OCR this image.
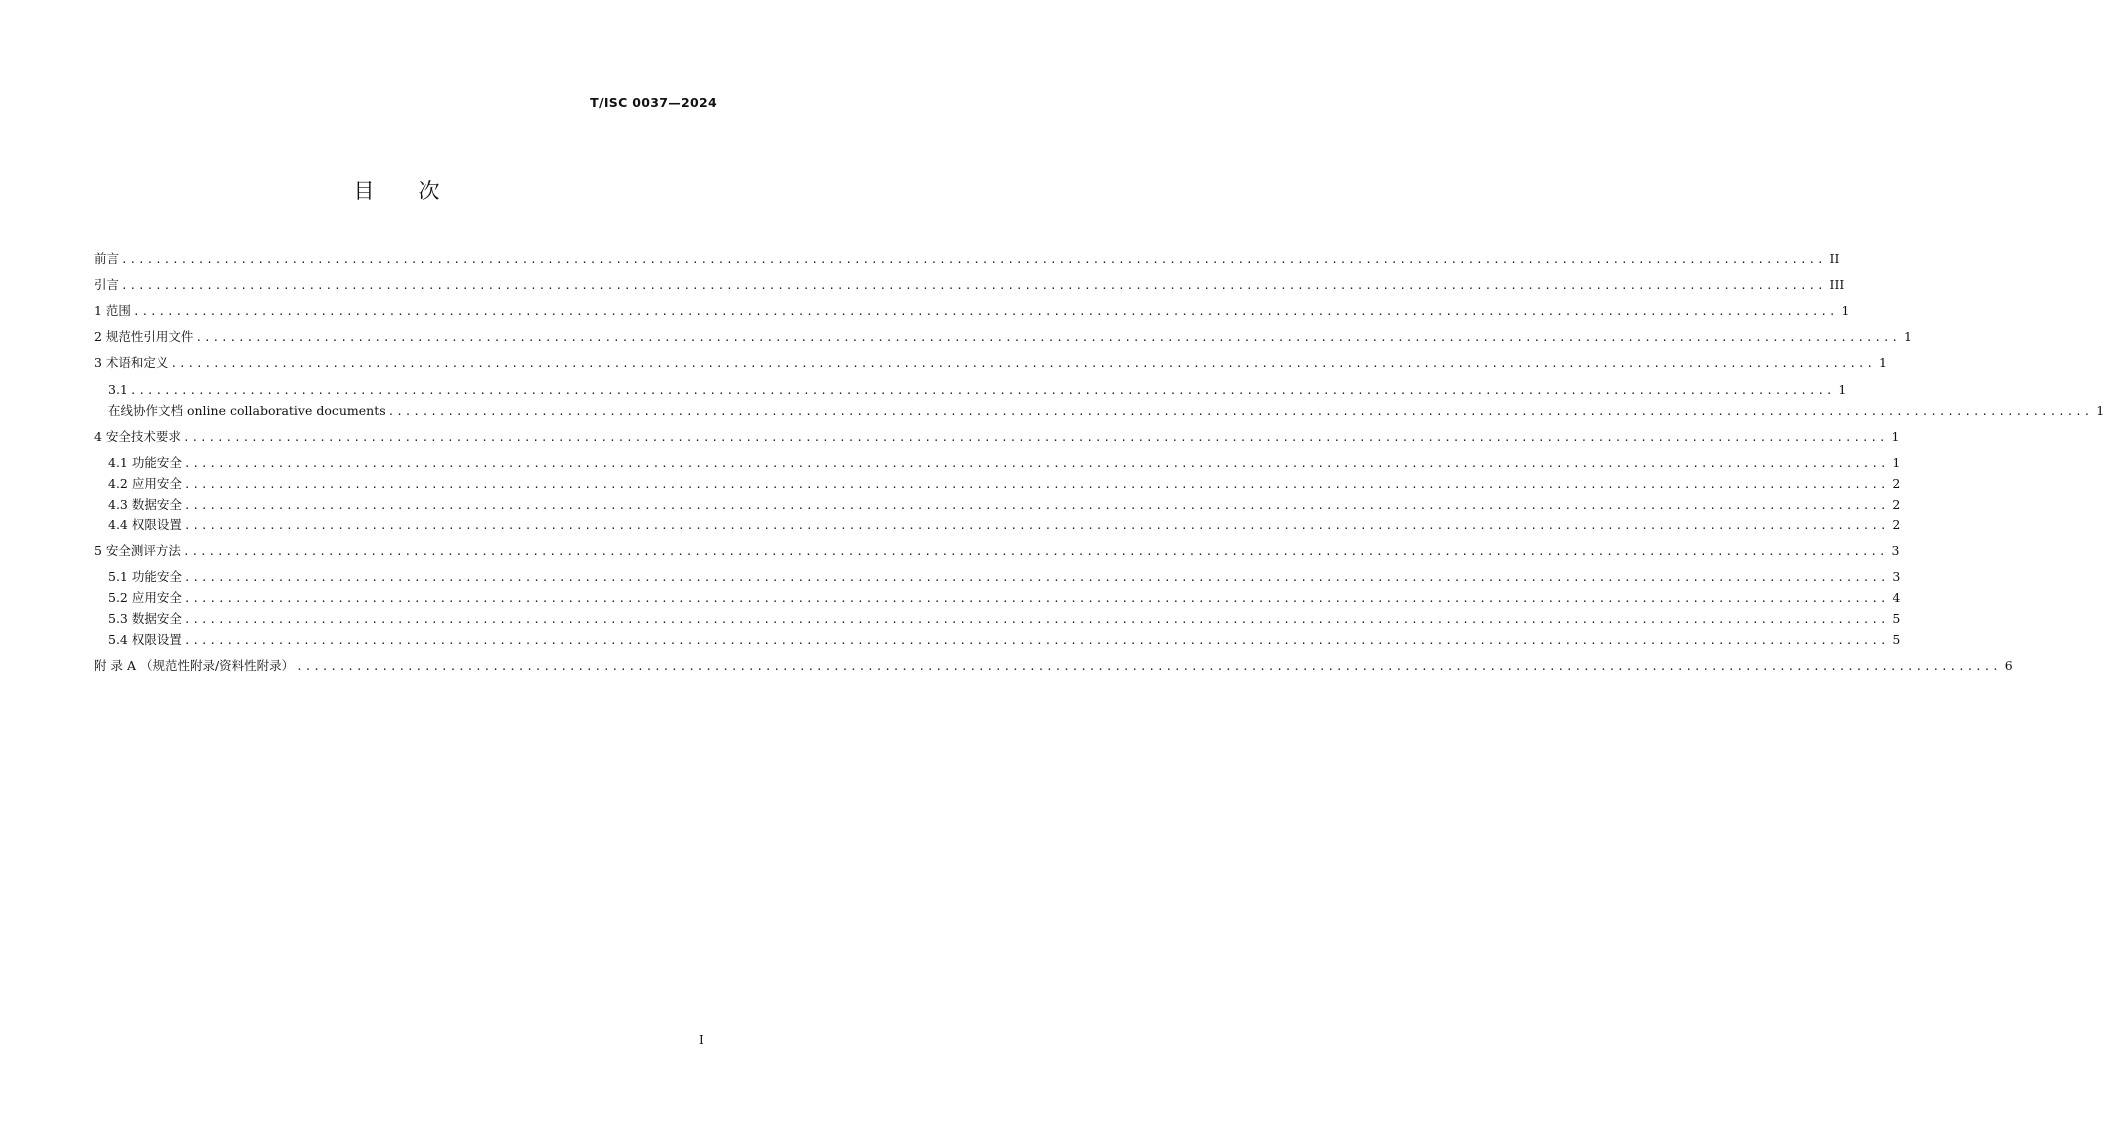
T/ISC 0037—2024
目 次
前言 ........................................................................................................................................................................................................ II
引言 ........................................................................................................................................................................................................ III
1 范围 ........................................................................................................................................................................................................ 1
2 规范性引用文件 ........................................................................................................................................................................................................ 1
3 术语和定义 ........................................................................................................................................................................................................ 1
3.1 ........................................................................................................................................................................................................ 1
在线协作文档 online collaborative documents ........................................................................................................................................................................................................ 1
4 安全技术要求 ........................................................................................................................................................................................................ 1
4.1 功能安全 ........................................................................................................................................................................................................ 1
4.2 应用安全 ........................................................................................................................................................................................................ 2
4.3 数据安全 ........................................................................................................................................................................................................ 2
4.4 权限设置 ........................................................................................................................................................................................................ 2
5 安全测评方法 ........................................................................................................................................................................................................ 3
5.1 功能安全 ........................................................................................................................................................................................................ 3
5.2 应用安全 ........................................................................................................................................................................................................ 4
5.3 数据安全 ........................................................................................................................................................................................................ 5
5.4 权限设置 ........................................................................................................................................................................................................ 5
附 录 A （规范性附录/资料性附录） ........................................................................................................................................................................................................ 6
I
